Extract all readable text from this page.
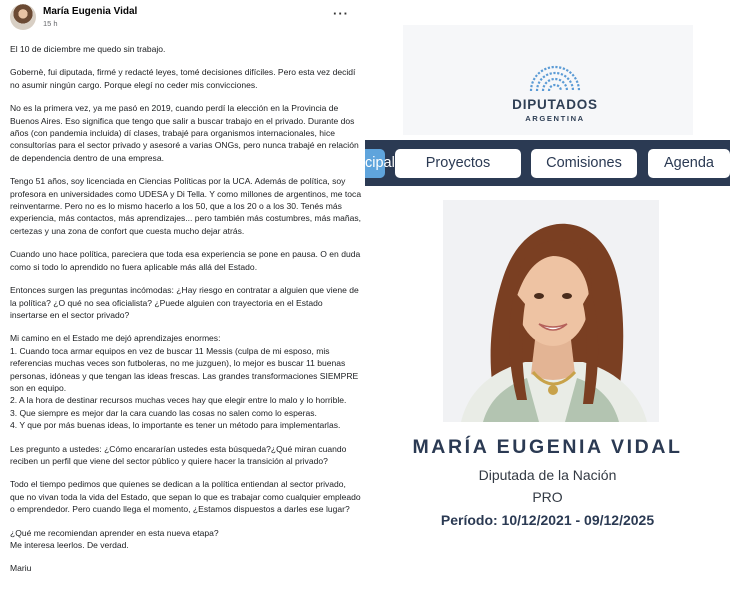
María Eugenia Vidal
15 h
···

El 10 de diciembre me quedo sin trabajo.

Gobernè, fui diputada, firmé y redacté leyes, tomé decisiones difíciles. Pero esta vez decidí no asumir ningún cargo. Porque elegí no ceder mis convicciones.

No es la primera vez, ya me pasó en 2019, cuando perdí la elección en la Provincia de Buenos Aires. Eso significa que tengo que salir a buscar trabajo en el privado. Durante dos años (con pandemia incluida) dí clases, trabajé para organismos internacionales, hice consultorías para el sector privado y asesoré a varias ONGs, pero nunca trabajé en relación de dependencia dentro de una empresa.

Tengo 51 años, soy licenciada en Ciencias Políticas por la UCA. Además de política, soy profesora en universidades como UDESA y Di Tella. Y como millones de argentinos, me toca reinventarme. Pero no es lo mismo hacerlo a los 50, que a los 20 o a los 30. Tenés más experiencia, más contactos, más aprendizajes... pero también más costumbres, más mañas, certezas y una zona de confort que cuesta mucho dejar atrás.

Cuando uno hace política, pareciera que toda esa experiencia se pone en pausa. O en duda como si todo lo aprendido no fuera aplicable más allá del Estado.

Entonces surgen las preguntas incómodas: ¿Hay riesgo en contratar a alguien que viene de la política? ¿O qué no sea oficialista? ¿Puede alguien con trayectoria en el Estado insertarse en el sector privado?

Mi camino en el Estado me dejó aprendizajes enormes:
1. Cuando toca armar equipos en vez de buscar 11 Messis (culpa de mi esposo, mis referencias muchas veces son futboleras, no me juzguen), lo mejor es buscar 11 buenas personas, idóneas y que tengan las ideas frescas. Las grandes transformaciones SIEMPRE son en equipo.
2. A la hora de destinar recursos muchas veces hay que elegir entre lo malo y lo horrible.
3. Que siempre es mejor dar la cara cuando las cosas no salen como lo esperas.
4. Y que por más buenas ideas, lo importante es tener un método para implementarlas.

Les pregunto a ustedes: ¿Cómo encararían ustedes esta búsqueda?¿Qué miran cuando reciben un perfil que viene del sector público y quiere hacer la transición al privado?

Todo el tiempo pedimos que quienes se dedican a la política entiendan al sector privado, que no vivan toda la vida del Estado, que sepan lo que es trabajar como cualquier empleado o emprendedor. Pero cuando llega el momento, ¿Estamos dispuestos a darles ese lugar?

¿Qué me recomiendan aprender en esta nueva etapa?
Me interesa leerlos. De verdad.

Mariu

DIPUTADOS
ARGENTINA
cipal	Proyectos	Comisiones	Agenda
MARÍA EUGENIA VIDAL
Diputada de la Nación
PRO
Período: 10/12/2021 - 09/12/2025
